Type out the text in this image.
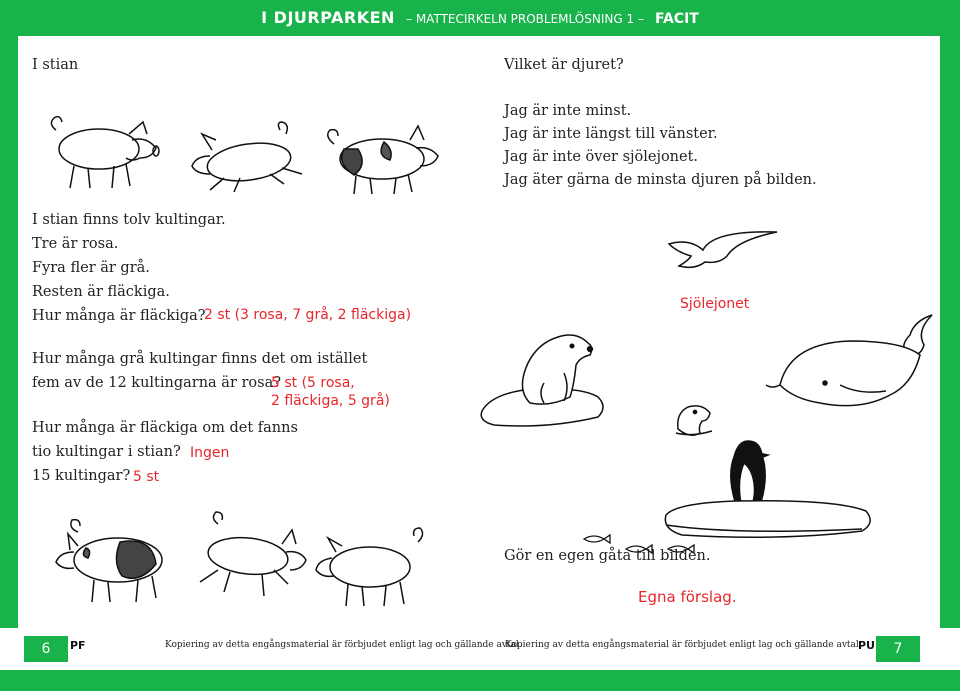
I DJURPARKEN – MATTECIRKELN PROBLEMLÖSNING 1 – FACIT
I stian
I stian finns tolv kultingar.
Tre är rosa.
Fyra fler är grå.
Resten är fläckiga.
Hur många är fläckiga?
2 st (3 rosa, 7 grå, 2 fläckiga)
Hur många grå kultingar finns det om istället
fem av de 12 kultingarna är rosa?
5 st (5 rosa,
2 fläckiga, 5 grå)
Hur många är fläckiga om det fanns
tio kultingar i stian?
15 kultingar?
Ingen
5 st
Vilket är djuret?
Jag är inte minst.
Jag är inte längst till vänster.
Jag är inte över sjölejonet.
Jag äter gärna de minsta djuren på bilden.
Sjölejonet
Gör en egen gåta till bilden.
Egna förslag.
6	PF	Kopiering av detta engångsmaterial är förbjudet enligt lag och gällande avtal.
Kopiering av detta engångsmaterial är förbjudet enligt lag och gällande avtal.
PU	7
